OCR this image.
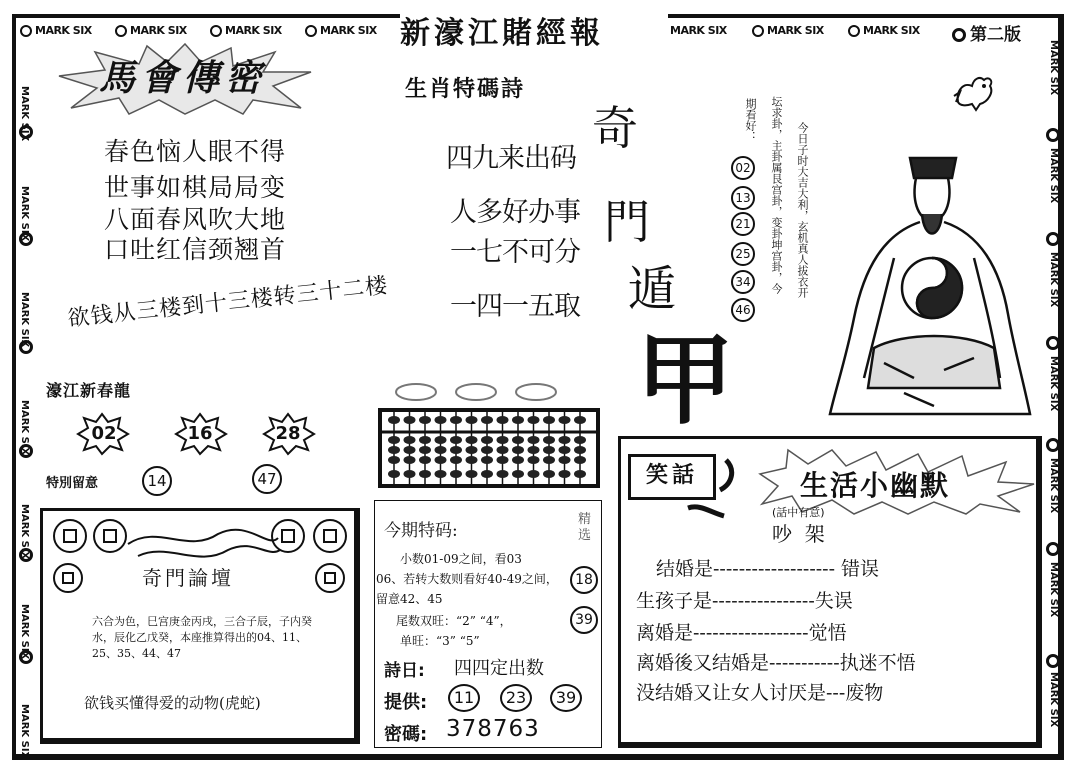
MARK SIX	MARK SIX	MARK SIX	MARK SIX	MARK SIX	MARK SIX	MARK SIX
新濠江賭經報	第二版
MARK SIX
MARK SIX
MARK SIX
MARK SIX
MARK SIX
MARK SIX
MARK SIX
MARK SIX
MARK SIX
MARK SIX
MARK SIX
MARK SIX
MARK SIX
MARK SIX
馬會傳密
春色恼人眼不得
世事如棋局局变
八面春风吹大地
口吐红信颈翘首
欲钱从三楼到十三楼转三十二楼
濠江新春龍
02	16	28
特別留意	14	47
奇門論壇
六合为色，巳宫庚金丙戌，三合子辰，子内癸水，辰化乙戊癸，本座推算得出的04、11、25、35、44、47
欲钱买懂得爱的动物(虎蛇)
生肖特碼詩
四九来出码
人多好办事
一七不可分
一四一五取
奇
門
遁
甲
今期特码:
精选
小数01-09之间，看03
06、若转大数则看好40-49之间，
留意42、45
尾数双旺：“2” “4”，
单旺：“3” “5”
18
39
詩日: 四四定出数
提供:	11	23	39
密碼: 378763
今日子时大吉大利，玄机真人拔衣开
坛求卦，主卦属艮宫卦，变卦坤宫卦，今
期看好：
02
13
21
25
34
46
笑話	生活小幽默
(話中有意)
吵  架
结婚是------------------- 错误
生孩子是----------------失误
离婚是------------------觉悟
离婚後又结婚是-----------执迷不悟
没结婚又让女人讨厌是---废物
